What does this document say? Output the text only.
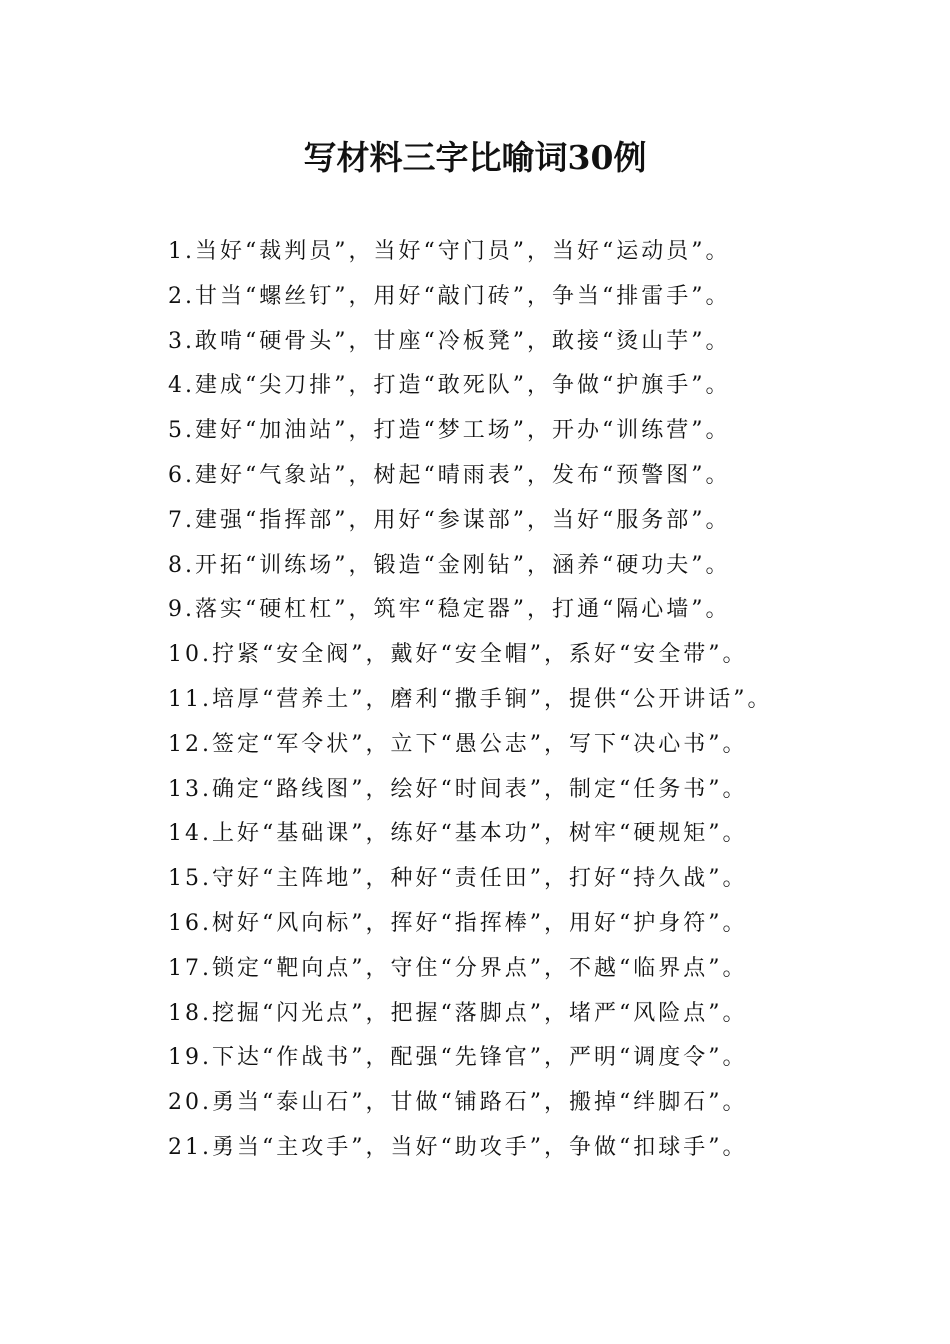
写材料三字比喻词30例
1.当好“裁判员”，当好“守门员”，当好“运动员”。
2.甘当“螺丝钉”，用好“敲门砖”，争当“排雷手”。
3.敢啃“硬骨头”，甘座“冷板凳”，敢接“烫山芋”。
4.建成“尖刀排”，打造“敢死队”，争做“护旗手”。
5.建好“加油站”，打造“梦工场”，开办“训练营”。
6.建好“气象站”，树起“晴雨表”，发布“预警图”。
7.建强“指挥部”，用好“参谋部”，当好“服务部”。
8.开拓“训练场”，锻造“金刚钻”，涵养“硬功夫”。
9.落实“硬杠杠”，筑牢“稳定器”，打通“隔心墙”。
10.拧紧“安全阀”，戴好“安全帽”，系好“安全带”。
11.培厚“营养土”，磨利“撒手锏”，提供“公开讲话”。
12.签定“军令状”，立下“愚公志”，写下“决心书”。
13.确定“路线图”，绘好“时间表”，制定“任务书”。
14.上好“基础课”，练好“基本功”，树牢“硬规矩”。
15.守好“主阵地”，种好“责任田”，打好“持久战”。
16.树好“风向标”，挥好“指挥棒”，用好“护身符”。
17.锁定“靶向点”，守住“分界点”，不越“临界点”。
18.挖掘“闪光点”，把握“落脚点”，堵严“风险点”。
19.下达“作战书”，配强“先锋官”，严明“调度令”。
20.勇当“泰山石”，甘做“铺路石”，搬掉“绊脚石”。
21.勇当“主攻手”，当好“助攻手”，争做“扣球手”。
